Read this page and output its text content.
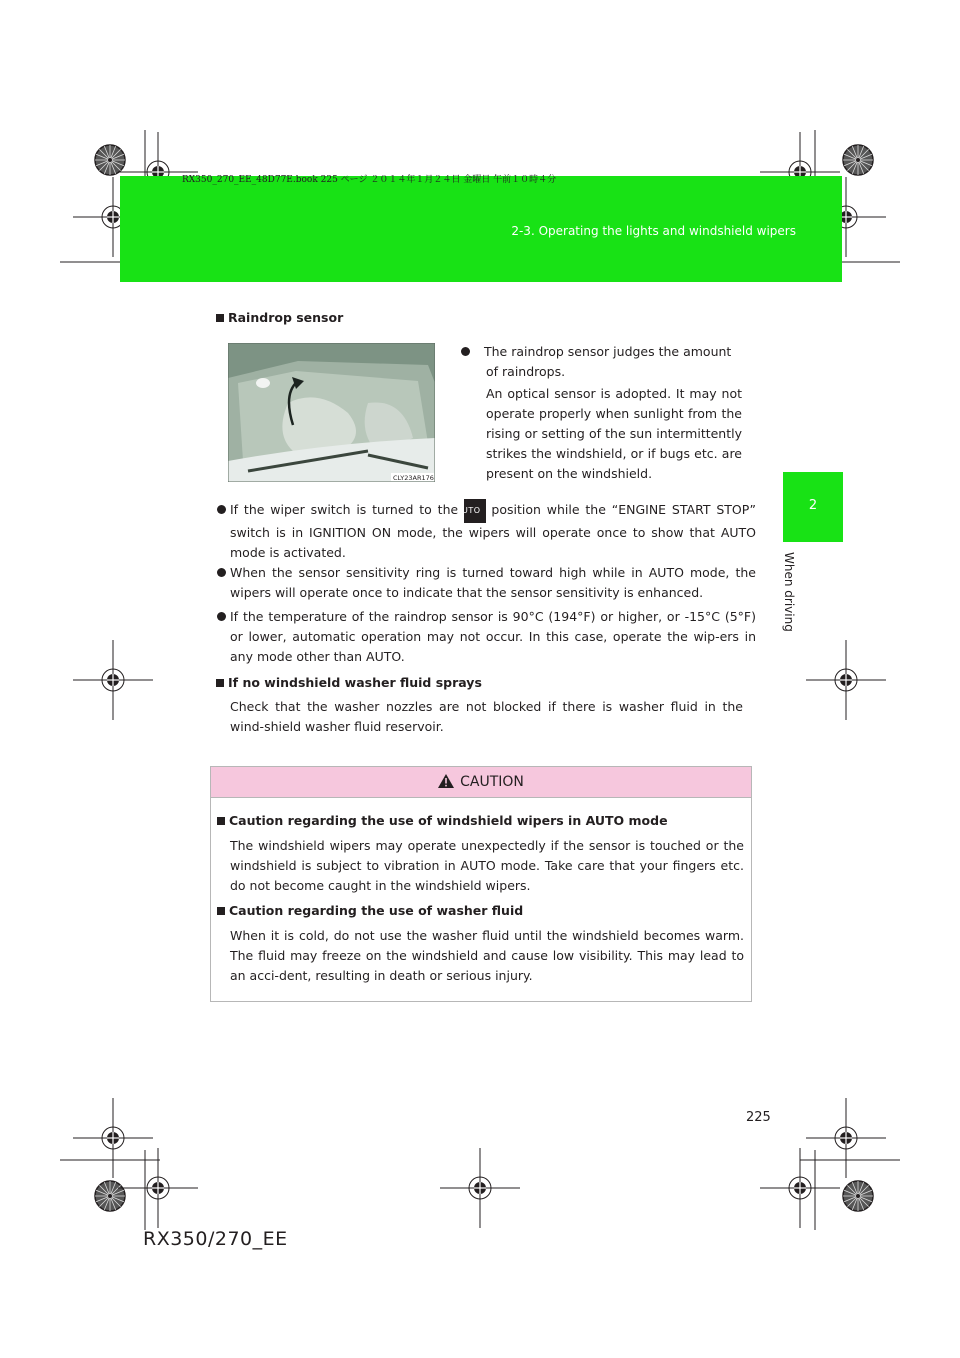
RX350_270_EE_48D77E.book 225 ページ ２０１４年１月２４日 金曜日 午前１０時４分
2-3. Operating the lights and windshield wipers
2
When driving
Raindrop sensor
CLY23AR176
The raindrop sensor judges the amount of raindrops.
An optical sensor is adopted. It may not operate properly when sunlight from the rising or setting of the sun intermittently strikes the windshield, or if bugs etc. are present on the windshield.
If the wiper switch is turned to the AUTO position while the “ENGINE START STOP” switch is in IGNITION ON mode, the wipers will operate once to show that AUTO mode is activated.
When the sensor sensitivity ring is turned toward high while in AUTO mode, the wipers will operate once to indicate that the sensor sensitivity is enhanced.
If the temperature of the raindrop sensor is 90°C (194°F) or higher, or -15°C (5°F) or lower, automatic operation may not occur. In this case, operate the wip-ers in any mode other than AUTO.
If no windshield washer fluid sprays
Check that the washer nozzles are not blocked if there is washer fluid in the wind-shield washer fluid reservoir.
CAUTION
Caution regarding the use of windshield wipers in AUTO mode
The windshield wipers may operate unexpectedly if the sensor is touched or the windshield is subject to vibration in AUTO mode. Take care that your fingers etc. do not become caught in the windshield wipers.
Caution regarding the use of washer fluid
When it is cold, do not use the washer fluid until the windshield becomes warm. The fluid may freeze on the windshield and cause low visibility. This may lead to an acci-dent, resulting in death or serious injury.
225
RX350/270_EE
